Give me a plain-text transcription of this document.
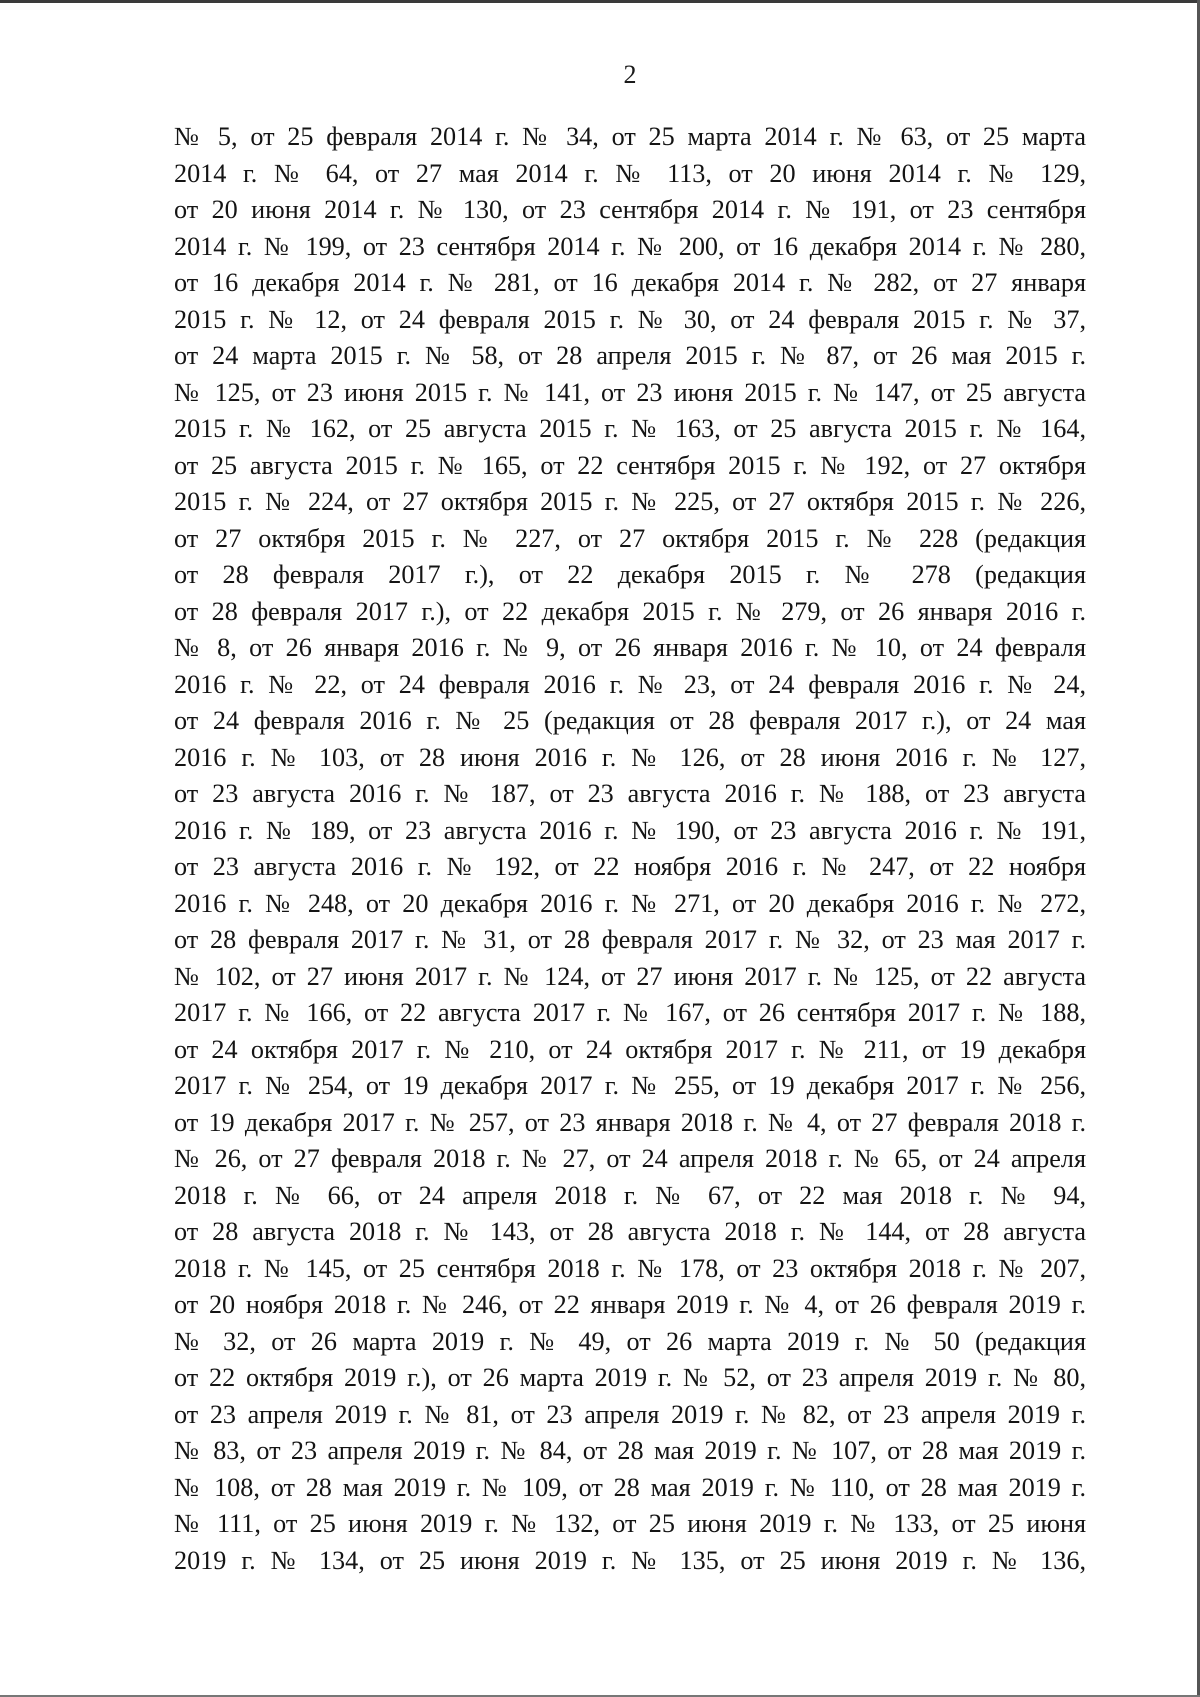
2
№ 5, от 25 февраля 2014 г. № 34, от 25 марта 2014 г. № 63, от 25 марта
2014 г. № 64, от 27 мая 2014 г. № 113, от 20 июня 2014 г. № 129,
от 20 июня 2014 г. № 130, от 23 сентября 2014 г. № 191, от 23 сентября
2014 г. № 199, от 23 сентября 2014 г. № 200, от 16 декабря 2014 г. № 280,
от 16 декабря 2014 г. № 281, от 16 декабря 2014 г. № 282, от 27 января
2015 г. № 12, от 24 февраля 2015 г. № 30, от 24 февраля 2015 г. № 37,
от 24 марта 2015 г. № 58, от 28 апреля 2015 г. № 87, от 26 мая 2015 г.
№ 125, от 23 июня 2015 г. № 141, от 23 июня 2015 г. № 147, от 25 августа
2015 г. № 162, от 25 августа 2015 г. № 163, от 25 августа 2015 г. № 164,
от 25 августа 2015 г. № 165, от 22 сентября 2015 г. № 192, от 27 октября
2015 г. № 224, от 27 октября 2015 г. № 225, от 27 октября 2015 г. № 226,
от 27 октября 2015 г. № 227, от 27 октября 2015 г. № 228 (редакция
от 28 февраля 2017 г.), от 22 декабря 2015 г. № 278 (редакция
от 28 февраля 2017 г.), от 22 декабря 2015 г. № 279, от 26 января 2016 г.
№ 8, от 26 января 2016 г. № 9, от 26 января 2016 г. № 10, от 24 февраля
2016 г. № 22, от 24 февраля 2016 г. № 23, от 24 февраля 2016 г. № 24,
от 24 февраля 2016 г. № 25 (редакция от 28 февраля 2017 г.), от 24 мая
2016 г. № 103, от 28 июня 2016 г. № 126, от 28 июня 2016 г. № 127,
от 23 августа 2016 г. № 187, от 23 августа 2016 г. № 188, от 23 августа
2016 г. № 189, от 23 августа 2016 г. № 190, от 23 августа 2016 г. № 191,
от 23 августа 2016 г. № 192, от 22 ноября 2016 г. № 247, от 22 ноября
2016 г. № 248, от 20 декабря 2016 г. № 271, от 20 декабря 2016 г. № 272,
от 28 февраля 2017 г. № 31, от 28 февраля 2017 г. № 32, от 23 мая 2017 г.
№ 102, от 27 июня 2017 г. № 124, от 27 июня 2017 г. № 125, от 22 августа
2017 г. № 166, от 22 августа 2017 г. № 167, от 26 сентября 2017 г. № 188,
от 24 октября 2017 г. № 210, от 24 октября 2017 г. № 211, от 19 декабря
2017 г. № 254, от 19 декабря 2017 г. № 255, от 19 декабря 2017 г. № 256,
от 19 декабря 2017 г. № 257, от 23 января 2018 г. № 4, от 27 февраля 2018 г.
№ 26, от 27 февраля 2018 г. № 27, от 24 апреля 2018 г. № 65, от 24 апреля
2018 г. № 66, от 24 апреля 2018 г. № 67, от 22 мая 2018 г. № 94,
от 28 августа 2018 г. № 143, от 28 августа 2018 г. № 144, от 28 августа
2018 г. № 145, от 25 сентября 2018 г. № 178, от 23 октября 2018 г. № 207,
от 20 ноября 2018 г. № 246, от 22 января 2019 г. № 4, от 26 февраля 2019 г.
№ 32, от 26 марта 2019 г. № 49, от 26 марта 2019 г. № 50 (редакция
от 22 октября 2019 г.), от 26 марта 2019 г. № 52, от 23 апреля 2019 г. № 80,
от 23 апреля 2019 г. № 81, от 23 апреля 2019 г. № 82, от 23 апреля 2019 г.
№ 83, от 23 апреля 2019 г. № 84, от 28 мая 2019 г. № 107, от 28 мая 2019 г.
№ 108, от 28 мая 2019 г. № 109, от 28 мая 2019 г. № 110, от 28 мая 2019 г.
№ 111, от 25 июня 2019 г. № 132, от 25 июня 2019 г. № 133, от 25 июня
2019 г. № 134, от 25 июня 2019 г. № 135, от 25 июня 2019 г. № 136,
